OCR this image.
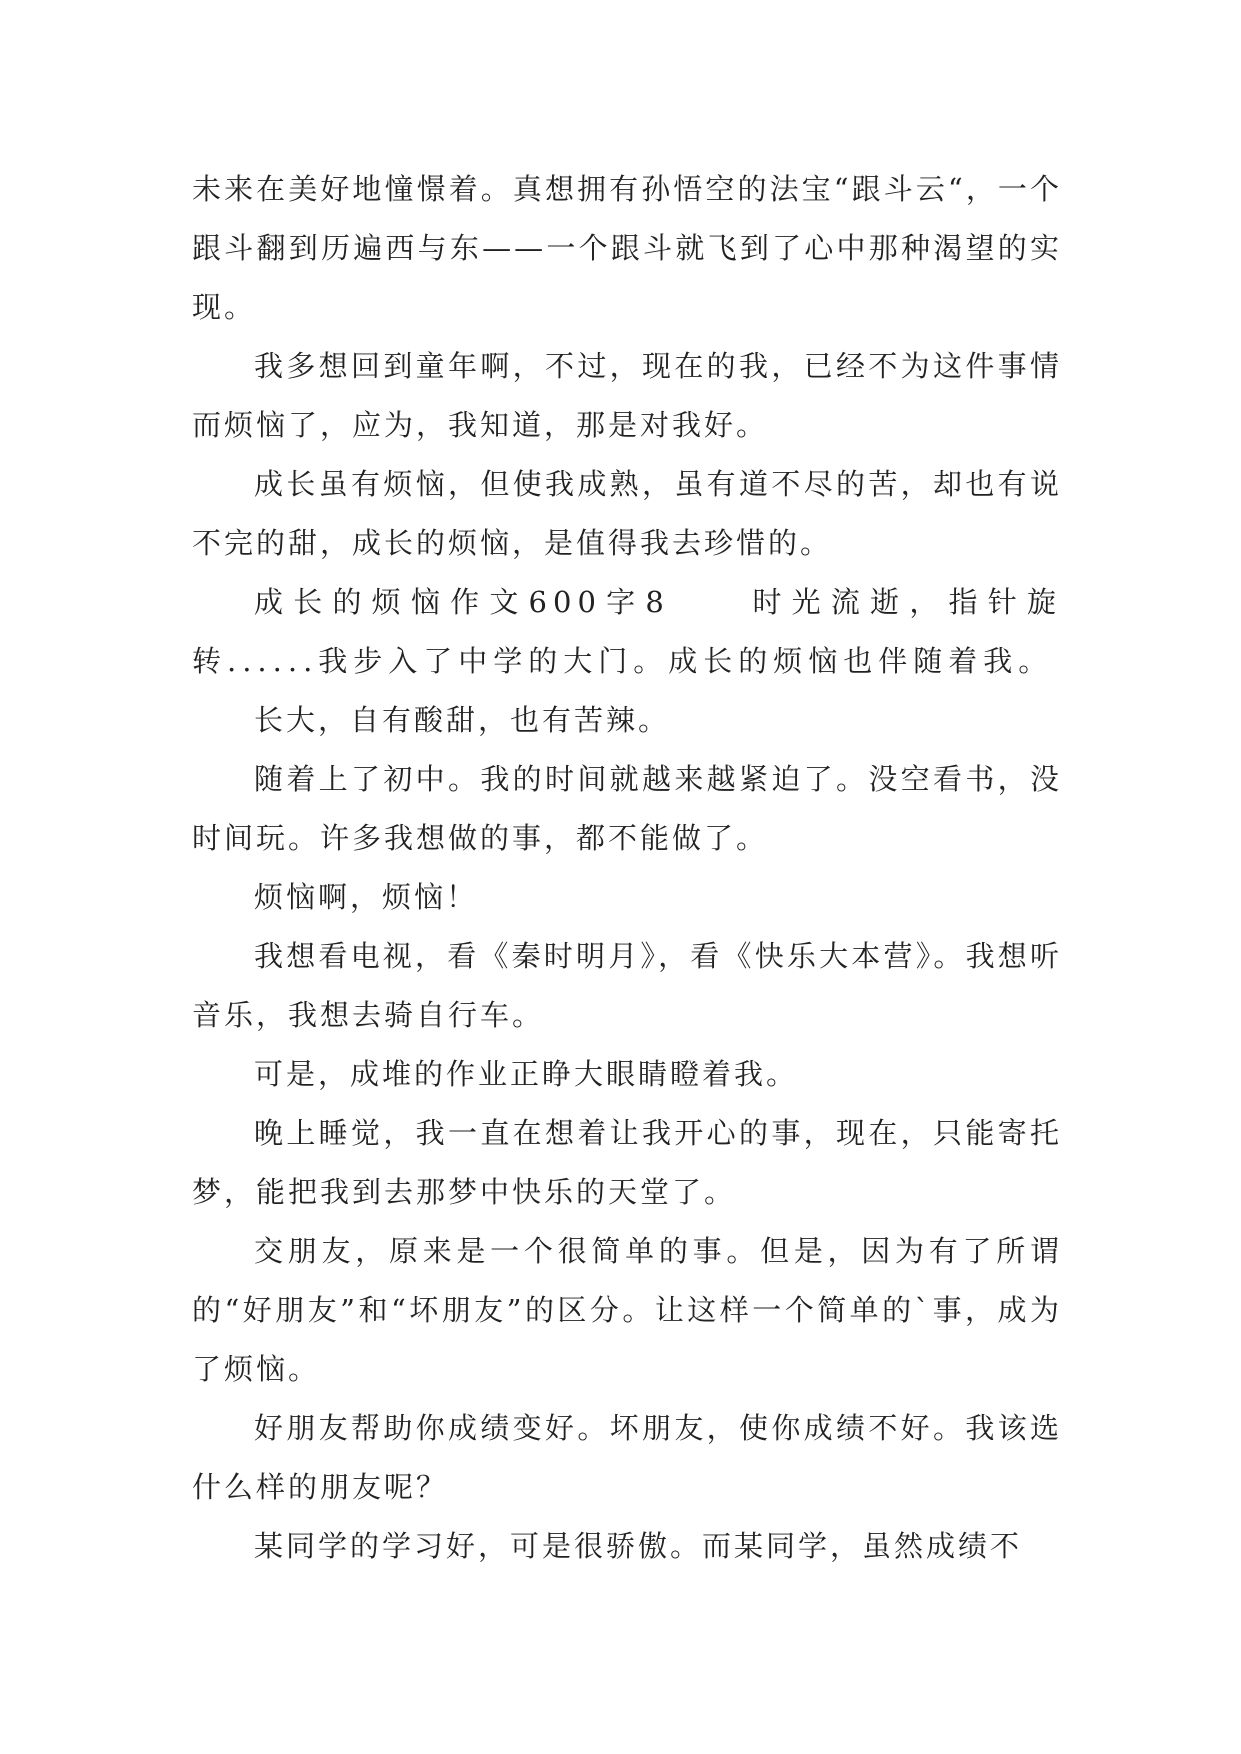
未来在美好地憧憬着。真想拥有孙悟空的法宝“跟斗云“，一个跟斗翻到历遍西与东——一个跟斗就飞到了心中那种渴望的实现。

我多想回到童年啊，不过，现在的我，已经不为这件事情而烦恼了，应为，我知道，那是对我好。

成长虽有烦恼，但使我成熟，虽有道不尽的苦，却也有说不完的甜，成长的烦恼，是值得我去珍惜的。

成长的烦恼作文600字8　　时光流逝，指针旋转......我步入了中学的大门。成长的烦恼也伴随着我。

长大，自有酸甜，也有苦辣。

随着上了初中。我的时间就越来越紧迫了。没空看书，没时间玩。许多我想做的事，都不能做了。

烦恼啊，烦恼！

我想看电视，看《秦时明月》，看《快乐大本营》。我想听音乐，我想去骑自行车。

可是，成堆的作业正睁大眼睛瞪着我。

晚上睡觉，我一直在想着让我开心的事，现在，只能寄托梦，能把我到去那梦中快乐的天堂了。

交朋友，原来是一个很简单的事。但是，因为有了所谓的“好朋友”和“坏朋友”的区分。让这样一个简单的`事，成为了烦恼。

好朋友帮助你成绩变好。坏朋友，使你成绩不好。我该选什么样的朋友呢？

某同学的学习好，可是很骄傲。而某同学，虽然成绩不
